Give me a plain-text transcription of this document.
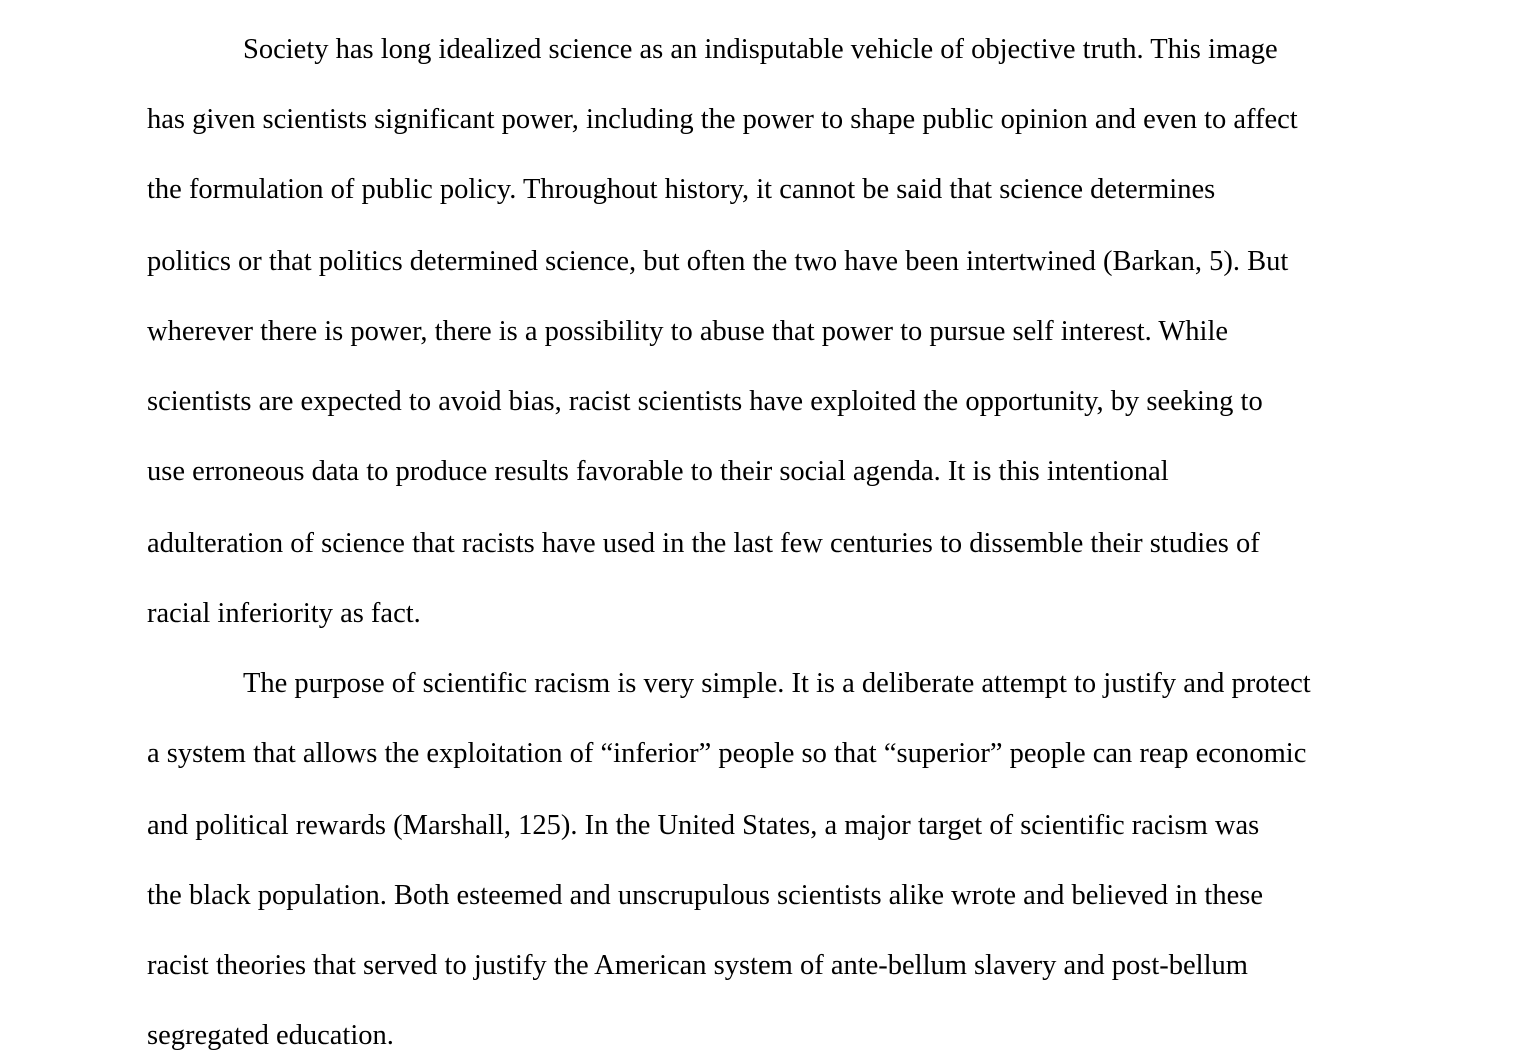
Society has long idealized science as an indisputable vehicle of objective truth. This image

has given scientists significant power, including the power to shape public opinion and even to affect

the formulation of public policy. Throughout history, it cannot be said that science determines

politics or that politics determined science, but often the two have been intertwined (Barkan, 5). But

wherever there is power, there is a possibility to abuse that power to pursue self interest. While

scientists are expected to avoid bias, racist scientists have exploited the opportunity, by seeking to

use erroneous data to produce results favorable to their social agenda. It is this intentional

adulteration of science that racists have used in the last few centuries to dissemble their studies of

racial inferiority as fact.

The purpose of scientific racism is very simple. It is a deliberate attempt to justify and protect

a system that allows the exploitation of “inferior” people so that “superior” people can reap economic

and political rewards (Marshall, 125). In the United States, a major target of scientific racism was

the black population. Both esteemed and unscrupulous scientists alike wrote and believed in these

racist theories that served to justify the American system of ante-bellum slavery and post-bellum

segregated education.
